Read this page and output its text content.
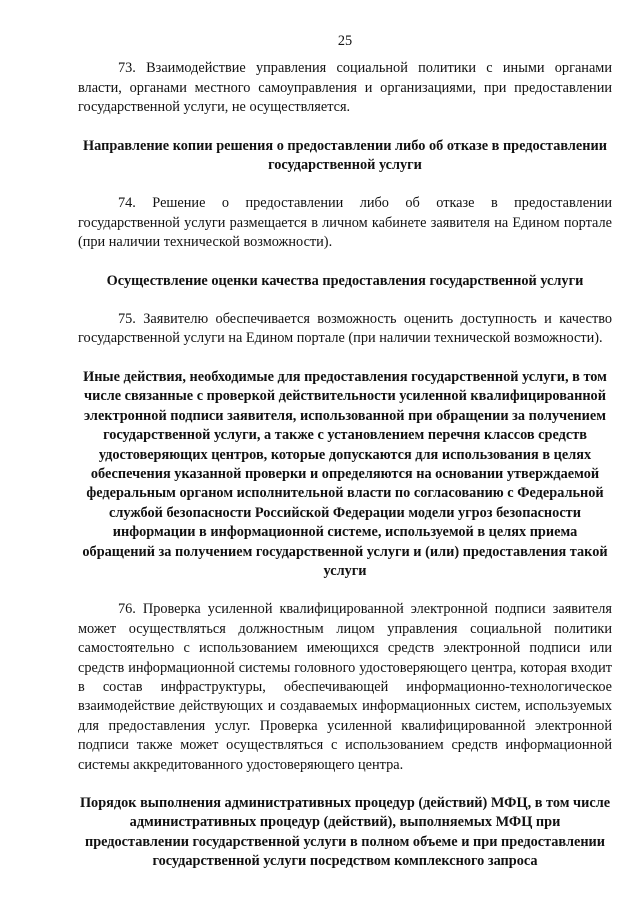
25

73. Взаимодействие управления социальной политики с иными органами власти, органами местного самоуправления и организациями, при предоставлении государственной услуги, не осуществляется.

Направление копии решения о предоставлении либо об отказе в предоставлении государственной услуги

74. Решение о предоставлении либо об отказе в предоставлении государственной услуги размещается в личном кабинете заявителя на Едином портале (при наличии технической возможности).

Осуществление оценки качества предоставления государственной услуги

75. Заявителю обеспечивается возможность оценить доступность и качество государственной услуги на Едином портале (при наличии технической возможности).

Иные действия, необходимые для предоставления государственной услуги, в том числе связанные с проверкой действительности усиленной квалифицированной электронной подписи заявителя, использованной при обращении за получением государственной услуги, а также с установлением перечня классов средств удостоверяющих центров, которые допускаются для использования в целях обеспечения указанной проверки и определяются на основании утверждаемой федеральным органом исполнительной власти по согласованию с Федеральной службой безопасности Российской Федерации модели угроз безопасности информации в информационной системе, используемой в целях приема обращений за получением государственной услуги и (или) предоставления такой услуги

76. Проверка усиленной квалифицированной электронной подписи заявителя может осуществляться должностным лицом управления социальной политики самостоятельно с использованием имеющихся средств электронной подписи или средств информационной системы головного удостоверяющего центра, которая входит в состав инфраструктуры, обеспечивающей информационно-технологическое взаимодействие действующих и создаваемых информационных систем, используемых для предоставления услуг. Проверка усиленной квалифицированной электронной подписи также может осуществляться с использованием средств информационной системы аккредитованного удостоверяющего центра.

Порядок выполнения административных процедур (действий) МФЦ, в том числе административных процедур (действий), выполняемых МФЦ при предоставлении государственной услуги в полном объеме и при предоставлении государственной услуги посредством комплексного запроса
